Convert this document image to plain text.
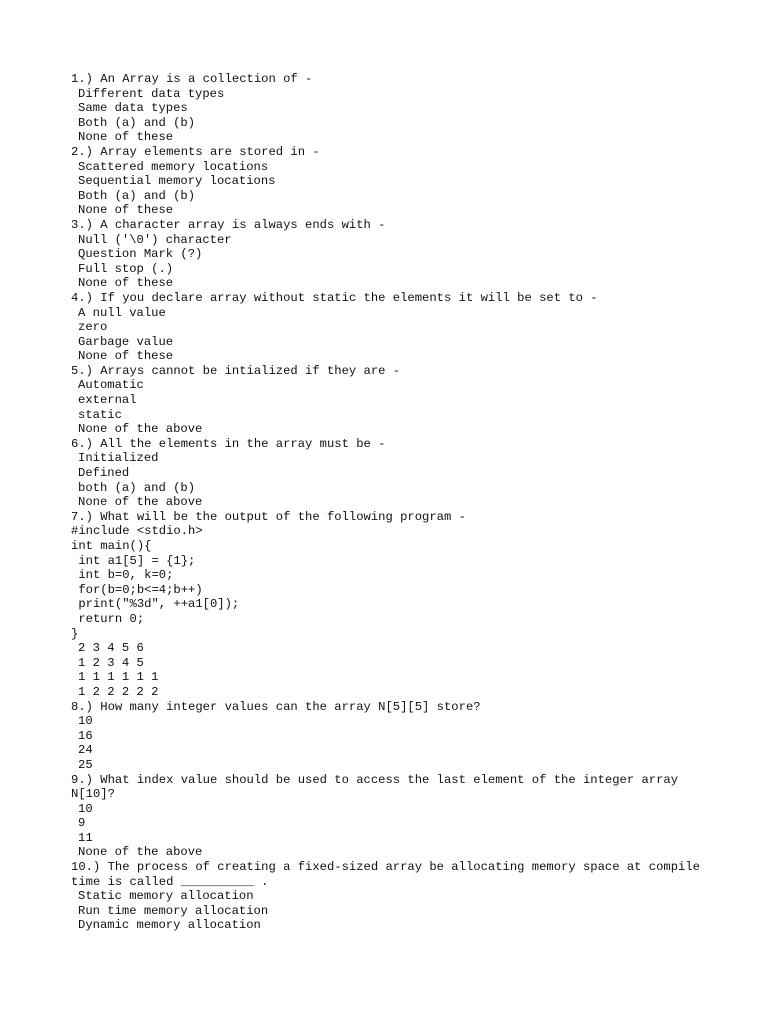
1.) An Array is a collection of -
Different data types
Same data types
Both (a) and (b)
None of these
2.) Array elements are stored in -
Scattered memory locations
Sequential memory locations
Both (a) and (b)
None of these
3.) A character array is always ends with -
Null ('\0') character
Question Mark (?)
Full stop (.)
None of these
4.) If you declare array without static the elements it will be set to -
A null value
zero
Garbage value
None of these
5.) Arrays cannot be intialized if they are -
Automatic
external
static
None of the above
6.) All the elements in the array must be -
Initialized
Defined
both (a) and (b)
None of the above
7.) What will be the output of the following program -
#include <stdio.h>
int main(){
int a1[5] = {1};
int b=0, k=0;
for(b=0;b<=4;b++)
print("%3d", ++a1[0]);
return 0;
}
2 3 4 5 6
1 2 3 4 5
1 1 1 1 1 1
1 2 2 2 2 2
8.) How many integer values can the array N[5][5] store?
10
16
24
25
9.) What index value should be used to access the last element of the integer array N[10]?
10
9
11
None of the above
10.) The process of creating a fixed-sized array be allocating memory space at compile time is called __________ .
Static memory allocation
Run time memory allocation
Dynamic memory allocation
